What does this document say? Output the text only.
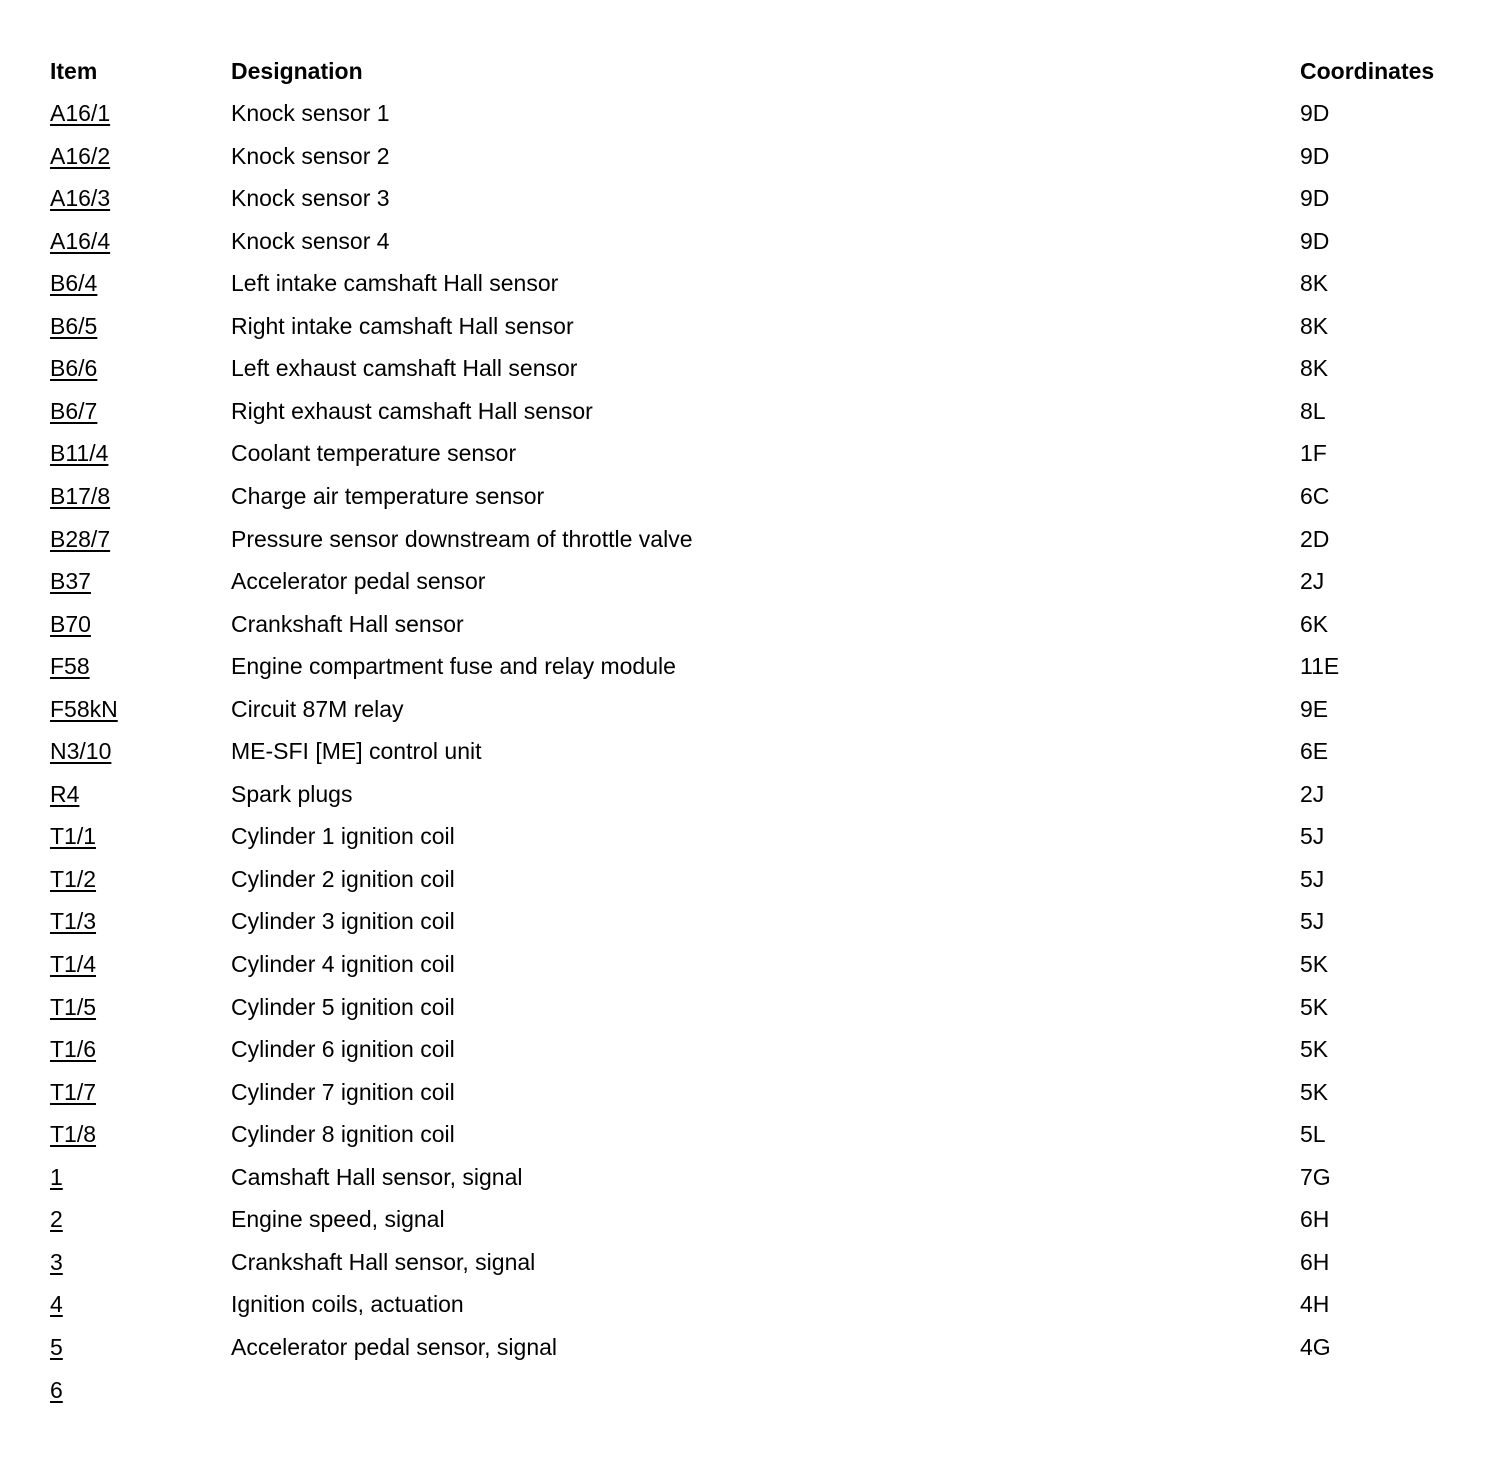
Item	Designation	Coordinates
A16/1	Knock sensor 1	9D
A16/2	Knock sensor 2	9D
A16/3	Knock sensor 3	9D
A16/4	Knock sensor 4	9D
B6/4	Left intake camshaft Hall sensor	8K
B6/5	Right intake camshaft Hall sensor	8K
B6/6	Left exhaust camshaft Hall sensor	8K
B6/7	Right exhaust camshaft Hall sensor	8L
B11/4	Coolant temperature sensor	1F
B17/8	Charge air temperature sensor	6C
B28/7	Pressure sensor downstream of throttle valve	2D
B37	Accelerator pedal sensor	2J
B70	Crankshaft Hall sensor	6K
F58	Engine compartment fuse and relay module	11E
F58kN	Circuit 87M relay	9E
N3/10	ME-SFI [ME] control unit	6E
R4	Spark plugs	2J
T1/1	Cylinder 1 ignition coil	5J
T1/2	Cylinder 2 ignition coil	5J
T1/3	Cylinder 3 ignition coil	5J
T1/4	Cylinder 4 ignition coil	5K
T1/5	Cylinder 5 ignition coil	5K
T1/6	Cylinder 6 ignition coil	5K
T1/7	Cylinder 7 ignition coil	5K
T1/8	Cylinder 8 ignition coil	5L
1	Camshaft Hall sensor, signal	7G
2	Engine speed, signal	6H
3	Crankshaft Hall sensor, signal	6H
4	Ignition coils, actuation	4H
5	Accelerator pedal sensor, signal	4G
6
